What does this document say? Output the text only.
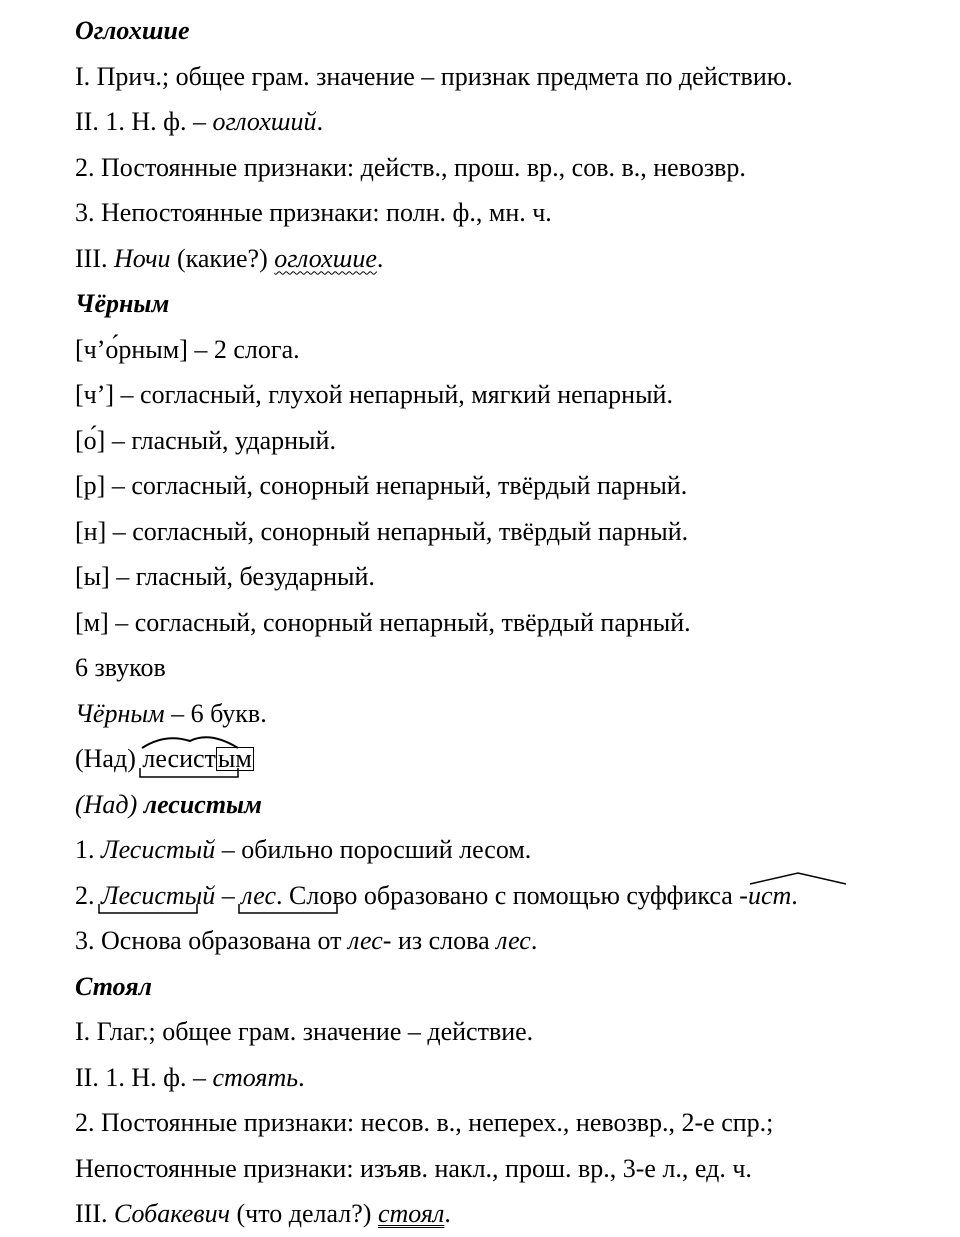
Оглохшие
I. Прич.; общее грам. значение – признак предмета по действию.
II. 1. Н. ф. – оглохший.
2. Постоянные признаки: действ., прош. вр., сов. в., невозвр.
3. Непостоянные признаки: полн. ф., мн. ч.
III. Ночи (какие?) оглохшие.
Чёрным
[ч’о́рным] – 2 слога.
[ч’] – согласный, глухой непарный, мягкий непарный.
[о́] – гласный, ударный.
[р] – согласный, сонорный непарный, твёрдый парный.
[н] – согласный, сонорный непарный, твёрдый парный.
[ы] – гласный, безударный.
[м] – согласный, сонорный непарный, твёрдый парный.
6 звуков
Чёрным – 6 букв.
(Над) лесист
ым
(Над) лесистым
1. Лесистый – обильно поросший лесом.
2. Лесист
ый – лес
. Слово образовано с помощью суффикса -ист
.
3. Основа образована от лес- из слова лес.
Стоял
I. Глаг.; общее грам. значение – действие.
II. 1. Н. ф. – стоять.
2. Постоянные признаки: несов. в., неперех., невозвр., 2-е спр.;
Непостоянные признаки: изъяв. накл., прош. вр., 3-е л., ед. ч.
III. Собакевич (что делал?) стоял.
